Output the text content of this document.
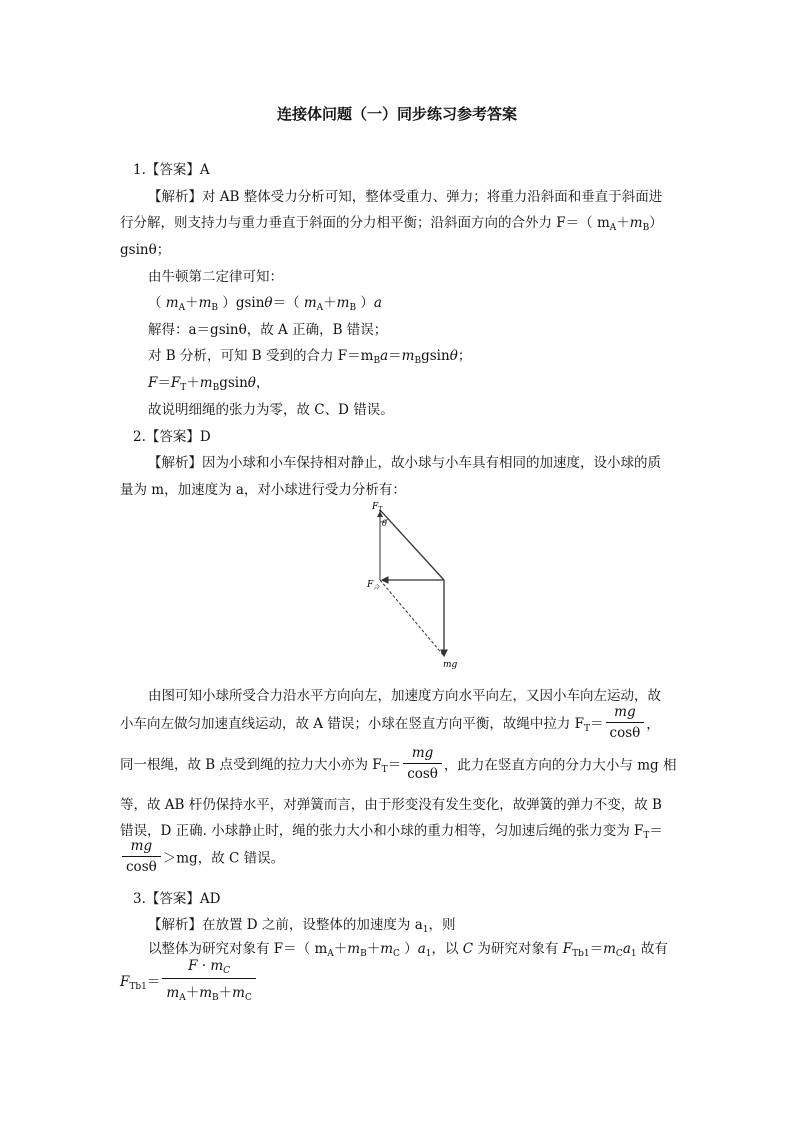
连接体问题（一）同步练习参考答案
1.【答案】A
【解析】对 AB 整体受力分析可知，整体受重力、弹力；将重力沿斜面和垂直于斜面进
行分解，则支持力与重力垂直于斜面的分力相平衡；沿斜面方向的合外力 F＝（ $m_A+m_B$）
gsinθ；
由牛顿第二定律可知：
（ $m_A+m_B$ ）gsinθ＝（ $m_A+m_B$ ）a
解得：a＝gsinθ，故 A 正确，B 错误；
对 B 分析，可知 B 受到的合力 $F=m_Ba=m_Bgsin\theta$；
$F=F_T+m_Bgsin\theta$，
故说明细绳的张力为零，故 C、D 错误。
2.【答案】D
【解析】因为小球和小车保持相对静止，故小球与小车具有相同的加速度，设小球的质
量为 m，加速度为 a，对小球进行受力分析有：
$F_T$
θ
$F_合$
mg
由图可知小球所受合力沿水平方向向左，加速度方向水平向左，又因小车向左运动，故
小车向左做匀加速直线运动，故 A 错误；小球在竖直方向平衡，故绳中拉力 $F_T= \frac{mg}{\cos\theta}$ ，
同一根绳，故 B 点受到绳的拉力大小亦为 $F_T= \frac{mg}{\cos\theta}$ ，此力在竖直方向的分力大小与 mg 相
等，故 AB 杆仍保持水平，对弹簧而言，由于形变没有发生变化，故弹簧的弹力不变，故 B
错误，D 正确. 小球静止时，绳的张力大小和小球的重力相等，匀加速后绳的张力变为 $F_T=$
$\frac{mg}{\cos\theta} >mg$，故 C 错误。
3.【答案】AD
【解析】在放置 D 之前，设整体的加速度为 $a_1$，则
以整体为研究对象有 F＝（ $m_A+m_B+m_C$ ）$a_1$，以 C 为研究对象有 $F_{Tb1}=m_Ca_1$ 故有
$F_{Tb1}= \frac{F \cdot m_C}{m_A+m_B+m_C}$
